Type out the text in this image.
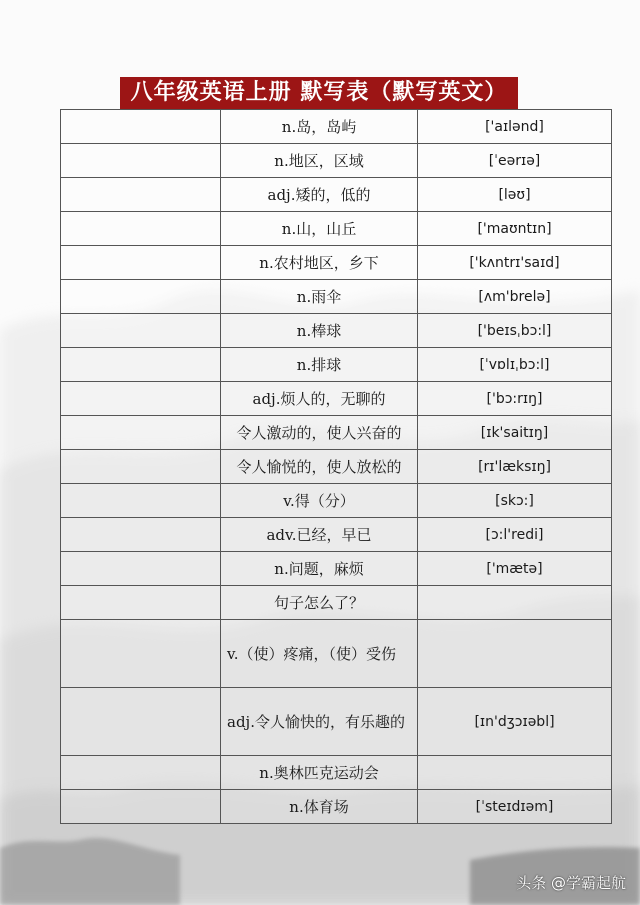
八年级英语上册 默写表（默写英文）
	n.岛，岛屿	['aɪlənd]
	n.地区，区域	[ˈeərɪə]
	adj.矮的，低的	[ləʊ]
	n.山，山丘	['maʊntɪn]
	n.农村地区，乡下	['kʌntrɪ'saɪd]
	n.雨伞	[ʌm'brelə]
	n.棒球	['beɪsˌbɔ:l]
	n.排球	[ˈvɒlɪˌbɔ:l]
	adj.烦人的，无聊的	['bɔ:rɪŋ]
	令人激动的，使人兴奋的	[ɪk'saitɪŋ]
	令人愉悦的，使人放松的	[rɪ'læksɪŋ]
	v.得（分）	[skɔ:]
	adv.已经，早已	[ɔ:l'redi]
	n.问题，麻烦	['mætə]
	句子怎么了？	
	v.（使）疼痛，（使）受伤	
	adj.令人愉快的，有乐趣的	[ɪn'dʒɔɪəbl]
	n.奥林匹克运动会	
	n.体育场	[ˈsteɪdɪəm]
头条 @学霸起航
